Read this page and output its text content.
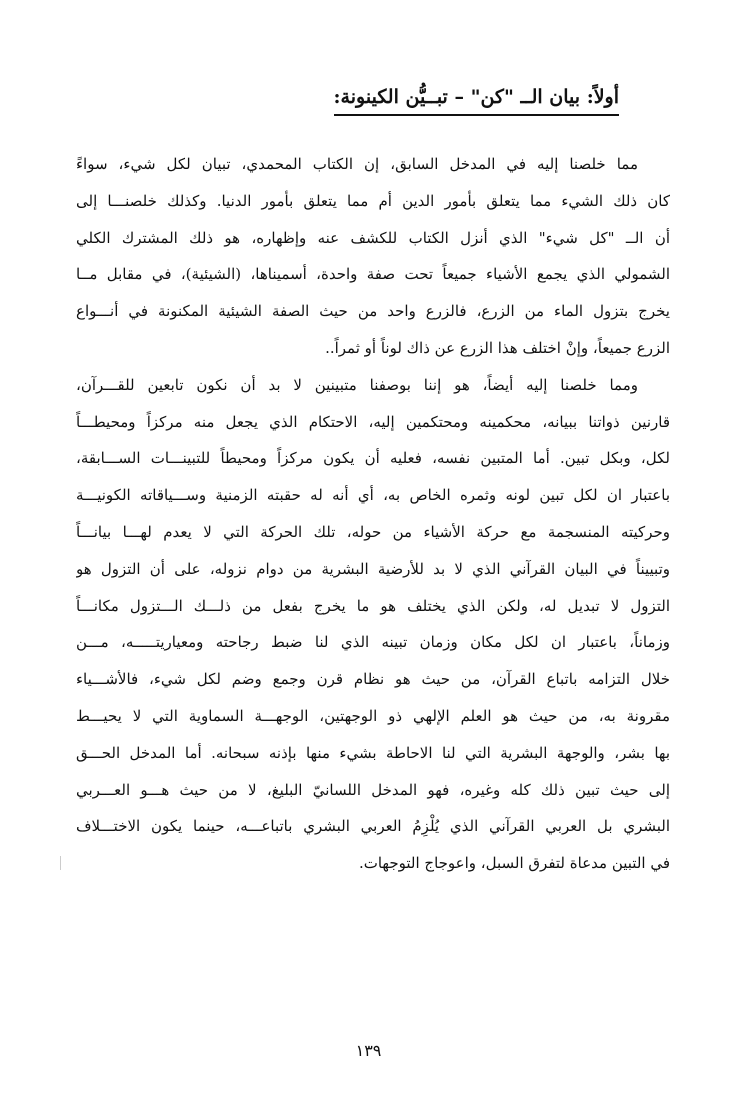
أولاً: بيان الــ "كن" – تبــيُّن الكينونة:
مما خلصنا إليه في المدخل السابق، إن الكتاب المحمدي، تبيان لكل شيء، سواءً
كان ذلك الشيء مما يتعلق بأمور الدين أم مما يتعلق بأمور الدنيا. وكذلك خلصنـــا إلى
أن الــ "كل شيء" الذي أنزل الكتاب للكشف عنه وإظهاره، هو ذلك المشترك الكلي
الشمولي الذي يجمع الأشياء جميعاً تحت صفة واحدة، أسميناها، (الشيئية)، في مقابل مــا
يخرج بتزول الماء من الزرع، فالزرع واحد من حيث الصفة الشيئية المكنونة في أنـــواع
الزرع جميعاً، وإنْ اختلف هذا الزرع عن ذاك لوناً أو ثمراً..
ومما خلصنا إليه أيضاً، هو إننا بوصفنا متبينين لا بد أن نكون تابعين للقـــرآن،
قارنين ذواتنا ببيانه، محكمينه ومحتكمين إليه، الاحتكام الذي يجعل منه مركزاً ومحيطـــاً
لكل، وبكل تبين. أما المتبين نفسه، فعليه أن يكون مركزاً ومحيطاً للتبينـــات الســـابقة،
باعتبار ان لكل تبين لونه وثمره الخاص به، أي أنه له حقبته الزمنية وســـياقاته الكونيـــة
وحركيته المنسجمة مع حركة الأشياء من حوله، تلك الحركة التي لا يعدم لهـــا بيانـــاً
وتبييناً في البيان القرآني الذي لا بد للأرضية البشرية من دوام نزوله، على أن التزول هو
التزول لا تبديل له، ولكن الذي يختلف هو ما يخرج بفعل من ذلـــك الـــتزول مكانـــاً
وزماناً، باعتبار ان لكل مكان وزمان تبينه الذي لنا ضبط رجاحته ومعياريتـــــه، مـــن
خلال التزامه باتباع القرآن، من حيث هو نظام قرن وجمع وضم لكل شيء، فالأشـــياء
مقرونة به، من حيث هو العلم الإلهي ذو الوجهتين، الوجهـــة السماوية التي لا يحيـــط
بها بشر، والوجهة البشرية التي لنا الاحاطة بشيء منها بإذنه سبحانه. أما المدخل الحـــق
إلى حيث تبين ذلك كله وغيره، فهو المدخل اللسانيّ البليغ، لا من حيث هـــو العـــربي
البشري بل العربي القرآني الذي يُلْزِمُ العربي البشري باتباعـــه، حينما يكون الاختـــلاف
في التبين مدعاة لتفرق السبل، واعوجاج التوجهات.
١٣٩
